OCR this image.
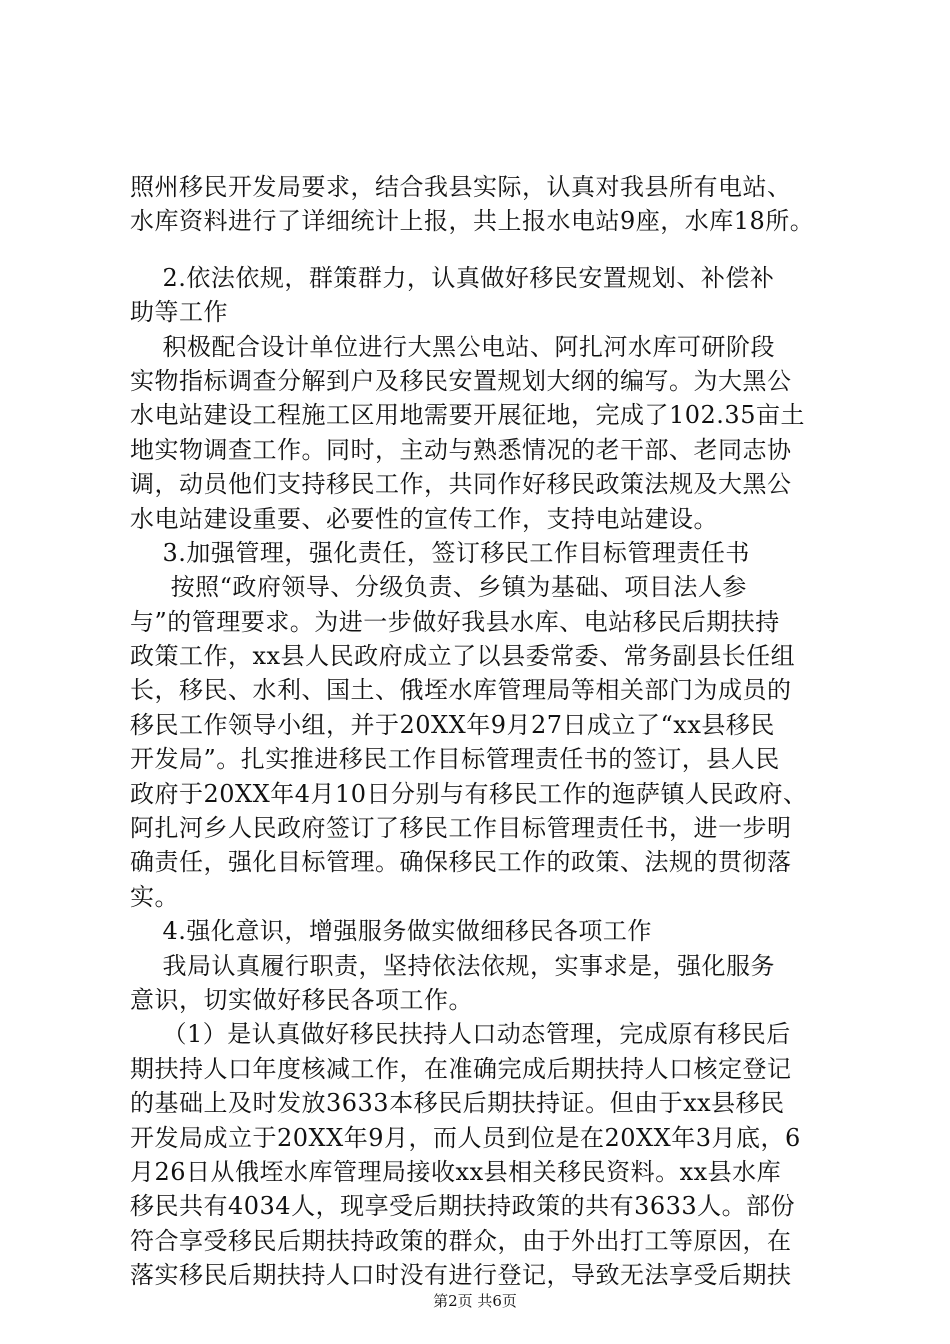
照州移民开发局要求，结合我县实际，认真对我县所有电站、
水库资料进行了详细统计上报，共上报水电站9座，水库18所。
2.依法依规，群策群力，认真做好移民安置规划、补偿补
助等工作
积极配合设计单位进行大黑公电站、阿扎河水库可研阶段
实物指标调查分解到户及移民安置规划大纲的编写。为大黑公
水电站建设工程施工区用地需要开展征地，完成了102.35亩土
地实物调查工作。同时，主动与熟悉情况的老干部、老同志协
调，动员他们支持移民工作，共同作好移民政策法规及大黑公
水电站建设重要、必要性的宣传工作，支持电站建设。
3.加强管理，强化责任，签订移民工作目标管理责任书
按照“政府领导、分级负责、乡镇为基础、项目法人参
与”的管理要求。为进一步做好我县水库、电站移民后期扶持
政策工作，xx县人民政府成立了以县委常委、常务副县长任组
长，移民、水利、国土、俄垤水库管理局等相关部门为成员的
移民工作领导小组，并于20XX年9月27日成立了“xx县移民
开发局”。扎实推进移民工作目标管理责任书的签订，县人民
政府于20XX年4月10日分别与有移民工作的迤萨镇人民政府、
阿扎河乡人民政府签订了移民工作目标管理责任书，进一步明
确责任，强化目标管理。确保移民工作的政策、法规的贯彻落
实。
4.强化意识，增强服务做实做细移民各项工作
我局认真履行职责，坚持依法依规，实事求是，强化服务
意识，切实做好移民各项工作。
（1）是认真做好移民扶持人口动态管理，完成原有移民后
期扶持人口年度核减工作，在准确完成后期扶持人口核定登记
的基础上及时发放3633本移民后期扶持证。但由于xx县移民
开发局成立于20XX年9月，而人员到位是在20XX年3月底，6
月26日从俄垤水库管理局接收xx县相关移民资料。xx县水库
移民共有4034人，现享受后期扶持政策的共有3633人。部份
符合享受移民后期扶持政策的群众，由于外出打工等原因，在
落实移民后期扶持人口时没有进行登记，导致无法享受后期扶
第2页 共6页
